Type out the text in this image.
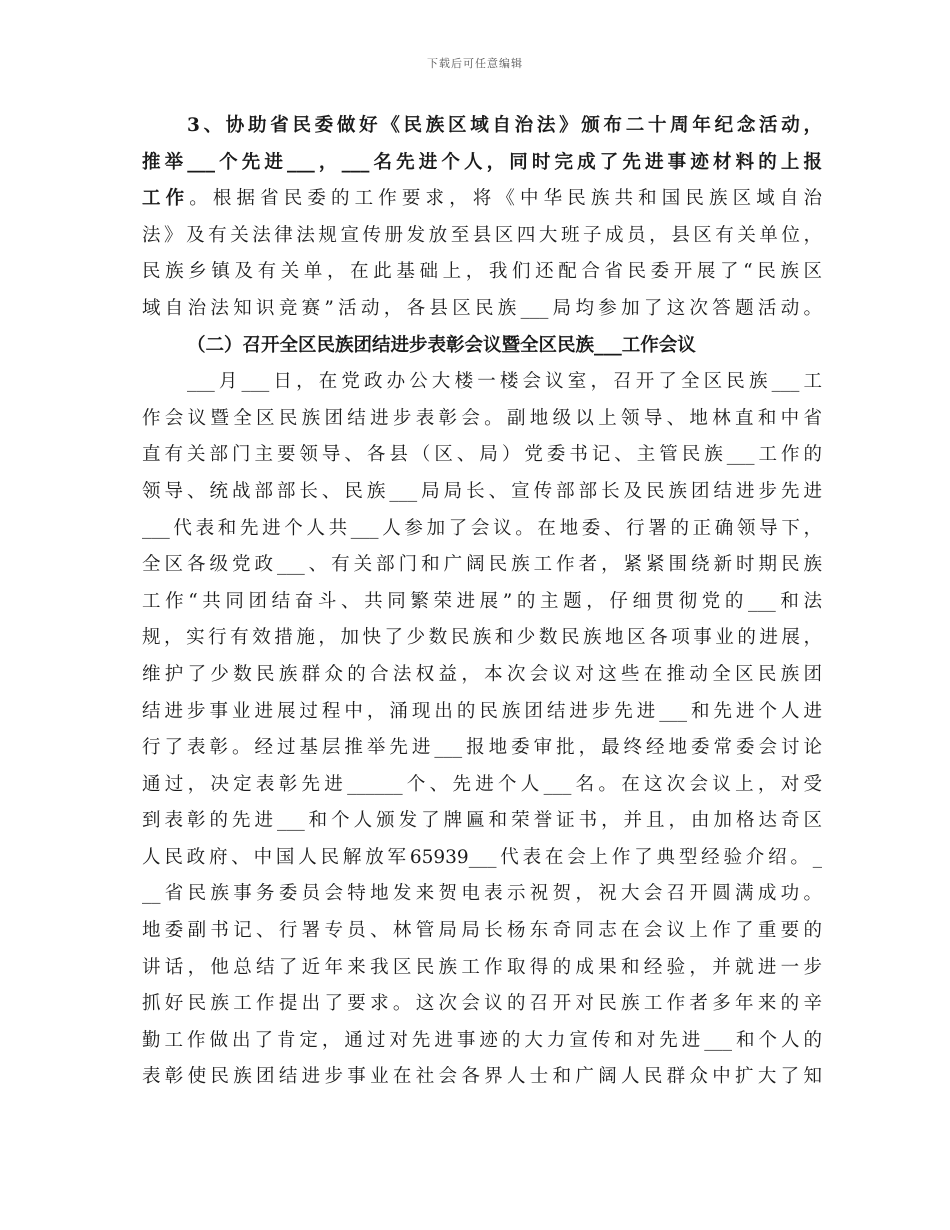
下载后可任意编辑
3、协助省民委做好《民族区域自治法》颁布二十周年纪念活动，
推举___个先进___，___名先进个人，同时完成了先进事迹材料的上报
工作。根据省民委的工作要求，将《中华民族共和国民族区域自治
法》及有关法律法规宣传册发放至县区四大班子成员，县区有关单位，
民族乡镇及有关单，在此基础上，我们还配合省民委开展了“民族区
域自治法知识竞赛”活动，各县区民族___局均参加了这次答题活动。
（二）召开全区民族团结进步表彰会议暨全区民族___工作会议
___月___日，在党政办公大楼一楼会议室，召开了全区民族___工
作会议暨全区民族团结进步表彰会。副地级以上领导、地林直和中省
直有关部门主要领导、各县（区、局）党委书记、主管民族___工作的
领导、统战部部长、民族___局局长、宣传部部长及民族团结进步先进
___代表和先进个人共___人参加了会议。在地委、行署的正确领导下，
全区各级党政___、有关部门和广阔民族工作者，紧紧围绕新时期民族
工作“共同团结奋斗、共同繁荣进展”的主题，仔细贯彻党的___和法
规，实行有效措施，加快了少数民族和少数民族地区各项事业的进展，
维护了少数民族群众的合法权益，本次会议对这些在推动全区民族团
结进步事业进展过程中，涌现出的民族团结进步先进___和先进个人进
行了表彰。经过基层推举先进___报地委审批，最终经地委常委会讨论
通过，决定表彰先进______个、先进个人___名。在这次会议上，对受
到表彰的先进___和个人颁发了牌匾和荣誉证书，并且，由加格达奇区
人民政府、中国人民解放军65939___代表在会上作了典型经验介绍。_
__省民族事务委员会特地发来贺电表示祝贺，祝大会召开圆满成功。
地委副书记、行署专员、林管局局长杨东奇同志在会议上作了重要的
讲话，他总结了近年来我区民族工作取得的成果和经验，并就进一步
抓好民族工作提出了要求。这次会议的召开对民族工作者多年来的辛
勤工作做出了肯定，通过对先进事迹的大力宣传和对先进___和个人的
表彰使民族团结进步事业在社会各界人士和广阔人民群众中扩大了知
